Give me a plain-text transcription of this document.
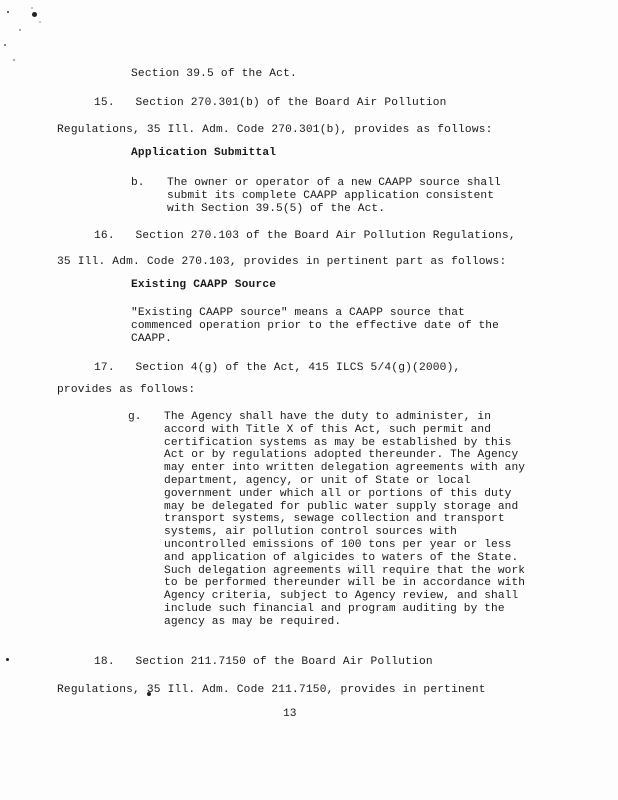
Section 39.5 of the Act.
15.   Section 270.301(b) of the Board Air Pollution
Regulations, 35 Ill. Adm. Code 270.301(b), provides as follows:
Application Submittal
b. The owner or operator of a new CAAPP source shall submit its complete CAAPP application consistent with Section 39.5(5) of the Act.
16.   Section 270.103 of the Board Air Pollution Regulations,
35 Ill. Adm. Code 270.103, provides in pertinent part as follows:
Existing CAAPP Source
"Existing CAAPP source" means a CAAPP source that commenced operation prior to the effective date of the CAAPP.
17.   Section 4(g) of the Act, 415 ILCS 5/4(g)(2000),
provides as follows:
g. The Agency shall have the duty to administer, in accord with Title X of this Act, such permit and certification systems as may be established by this Act or by regulations adopted thereunder. The Agency may enter into written delegation agreements with any department, agency, or unit of State or local government under which all or portions of this duty may be delegated for public water supply storage and transport systems, sewage collection and transport systems, air pollution control sources with uncontrolled emissions of 100 tons per year or less and application of algicides to waters of the State. Such delegation agreements will require that the work to be performed thereunder will be in accordance with Agency criteria, subject to Agency review, and shall include such financial and program auditing by the agency as may be required.
18.   Section 211.7150 of the Board Air Pollution
Regulations, 35 Ill. Adm. Code 211.7150, provides in pertinent
13
